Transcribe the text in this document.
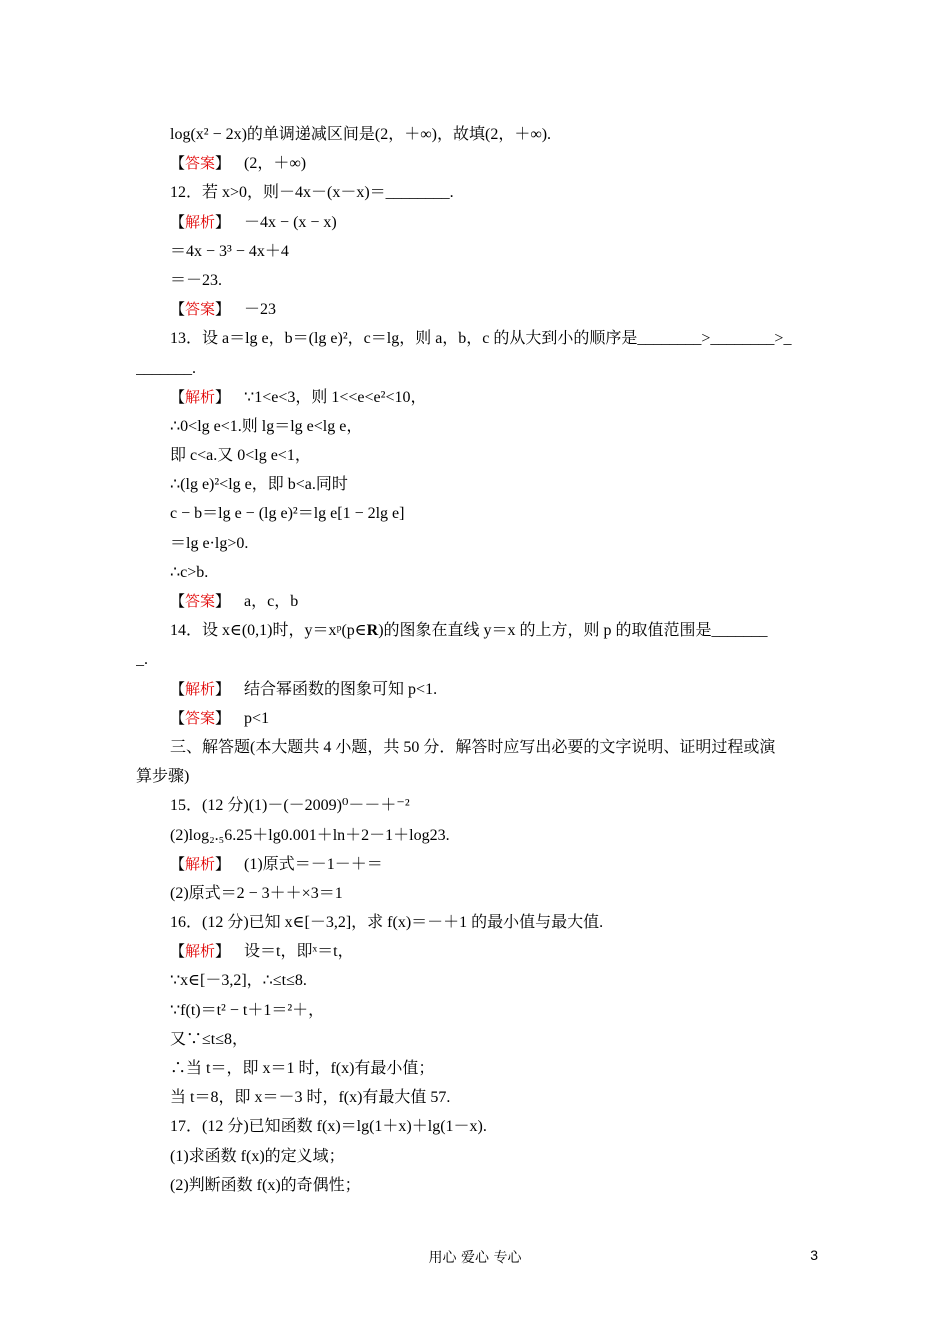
log(x² − 2x)的单调递减区间是(2，＋∞)，故填(2，＋∞).
【答案】 (2，＋∞)
12．若 x>0，则－4x－(x－x)＝________.
【解析】 －4x − (x − x)
＝4x − 3³ − 4x＋4
＝－23.
【答案】 －23
13．设 a＝lg e，b＝(lg e)²，c＝lg，则 a，b，c 的从大到小的顺序是________>________>_
_______.
【解析】 ∵1<e<3，则 1<<e<e²<10，
∴0<lg e<1.则 lg＝lg e<lg e，
即 c<a.又 0<lg e<1，
∴(lg e)²<lg e，即 b<a.同时
c − b＝lg e − (lg e)²＝lg e[1 − 2lg e]
＝lg e·lg>0.
∴c>b.
【答案】 a，c，b
14．设 x∈(0,1)时，y＝xᵖ(p∈R)的图象在直线 y＝x 的上方，则 p 的取值范围是_______
_.
【解析】 结合幂函数的图象可知 p<1.
【答案】 p<1
三、解答题(本大题共 4 小题，共 50 分．解答时应写出必要的文字说明、证明过程或演
算步骤)
15．(12 分)(1)－(－2009)⁰－－＋⁻²
(2)log₂.₅6.25＋lg0.001＋ln＋2－1＋log23.
【解析】 (1)原式＝－1－＋＝
(2)原式＝2 − 3＋＋×3＝1
16．(12 分)已知 x∈[－3,2]，求 f(x)＝－＋1 的最小值与最大值.
【解析】 设＝t，即ˣ＝t，
∵x∈[－3,2]，∴≤t≤8.
∵f(t)＝t² − t＋1＝²＋，
又∵≤t≤8，
∴当 t＝，即 x＝1 时，f(x)有最小值；
当 t＝8，即 x＝－3 时，f(x)有最大值 57.
17．(12 分)已知函数 f(x)＝lg(1＋x)＋lg(1－x).
(1)求函数 f(x)的定义域；
(2)判断函数 f(x)的奇偶性；
用心 爱心 专心	3
